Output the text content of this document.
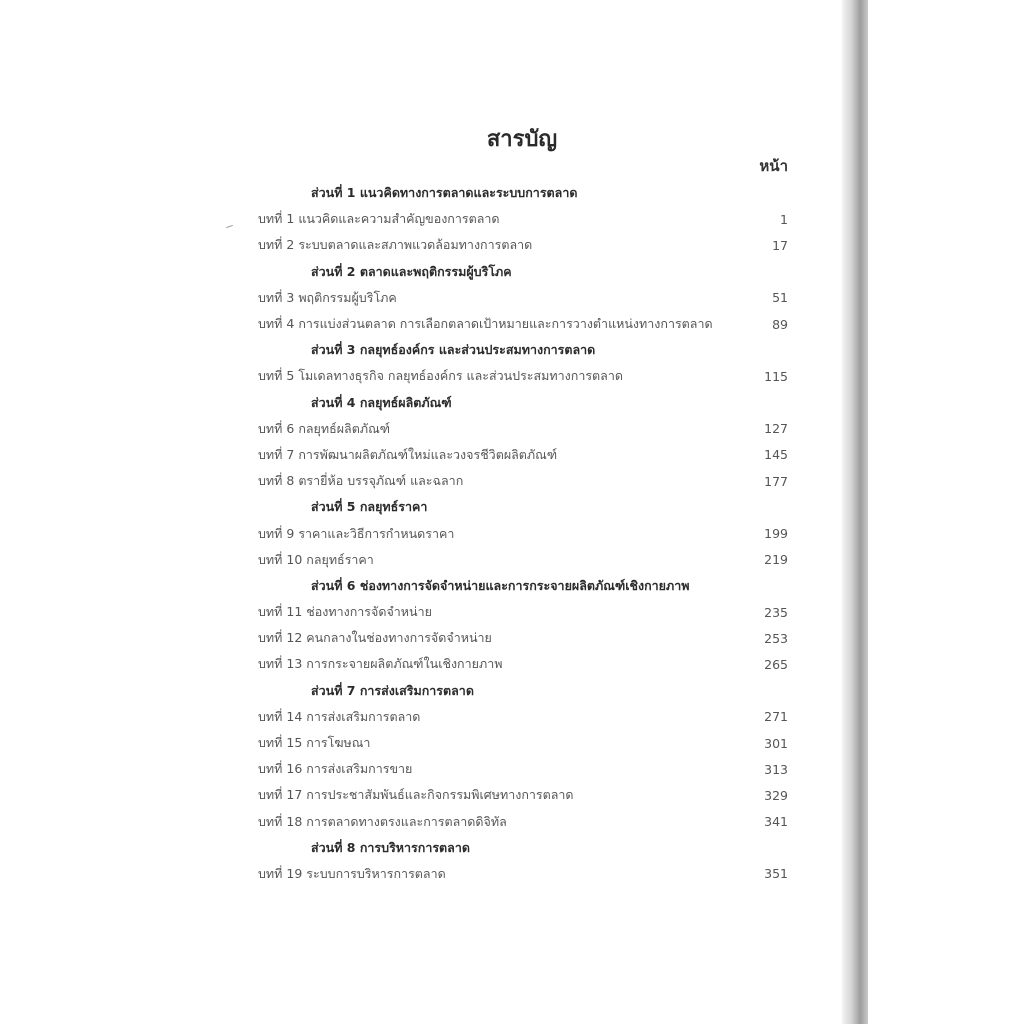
สารบัญ
หน้า
ส่วนที่ 1 แนวคิดทางการตลาดและระบบการตลาด
บทที่ 1 แนวคิดและความสำคัญของการตลาด	1
บทที่ 2 ระบบตลาดและสภาพแวดล้อมทางการตลาด	17
ส่วนที่ 2 ตลาดและพฤติกรรมผู้บริโภค
บทที่ 3 พฤติกรรมผู้บริโภค	51
บทที่ 4 การแบ่งส่วนตลาด การเลือกตลาดเป้าหมายและการวางตำแหน่งทางการตลาด	89
ส่วนที่ 3 กลยุทธ์องค์กร และส่วนประสมทางการตลาด
บทที่ 5 โมเดลทางธุรกิจ กลยุทธ์องค์กร และส่วนประสมทางการตลาด	115
ส่วนที่ 4 กลยุทธ์ผลิตภัณฑ์
บทที่ 6 กลยุทธ์ผลิตภัณฑ์	127
บทที่ 7 การพัฒนาผลิตภัณฑ์ใหม่และวงจรชีวิตผลิตภัณฑ์	145
บทที่ 8 ตรายี่ห้อ บรรจุภัณฑ์ และฉลาก	177
ส่วนที่ 5 กลยุทธ์ราคา
บทที่ 9 ราคาและวิธีการกำหนดราคา	199
บทที่ 10 กลยุทธ์ราคา	219
ส่วนที่ 6 ช่องทางการจัดจำหน่ายและการกระจายผลิตภัณฑ์เชิงกายภาพ
บทที่ 11 ช่องทางการจัดจำหน่าย	235
บทที่ 12 คนกลางในช่องทางการจัดจำหน่าย	253
บทที่ 13 การกระจายผลิตภัณฑ์ในเชิงกายภาพ	265
ส่วนที่ 7 การส่งเสริมการตลาด
บทที่ 14 การส่งเสริมการตลาด	271
บทที่ 15 การโฆษณา	301
บทที่ 16 การส่งเสริมการขาย	313
บทที่ 17 การประชาสัมพันธ์และกิจกรรมพิเศษทางการตลาด	329
บทที่ 18 การตลาดทางตรงและการตลาดดิจิทัล	341
ส่วนที่ 8 การบริหารการตลาด
บทที่ 19 ระบบการบริหารการตลาด	351
